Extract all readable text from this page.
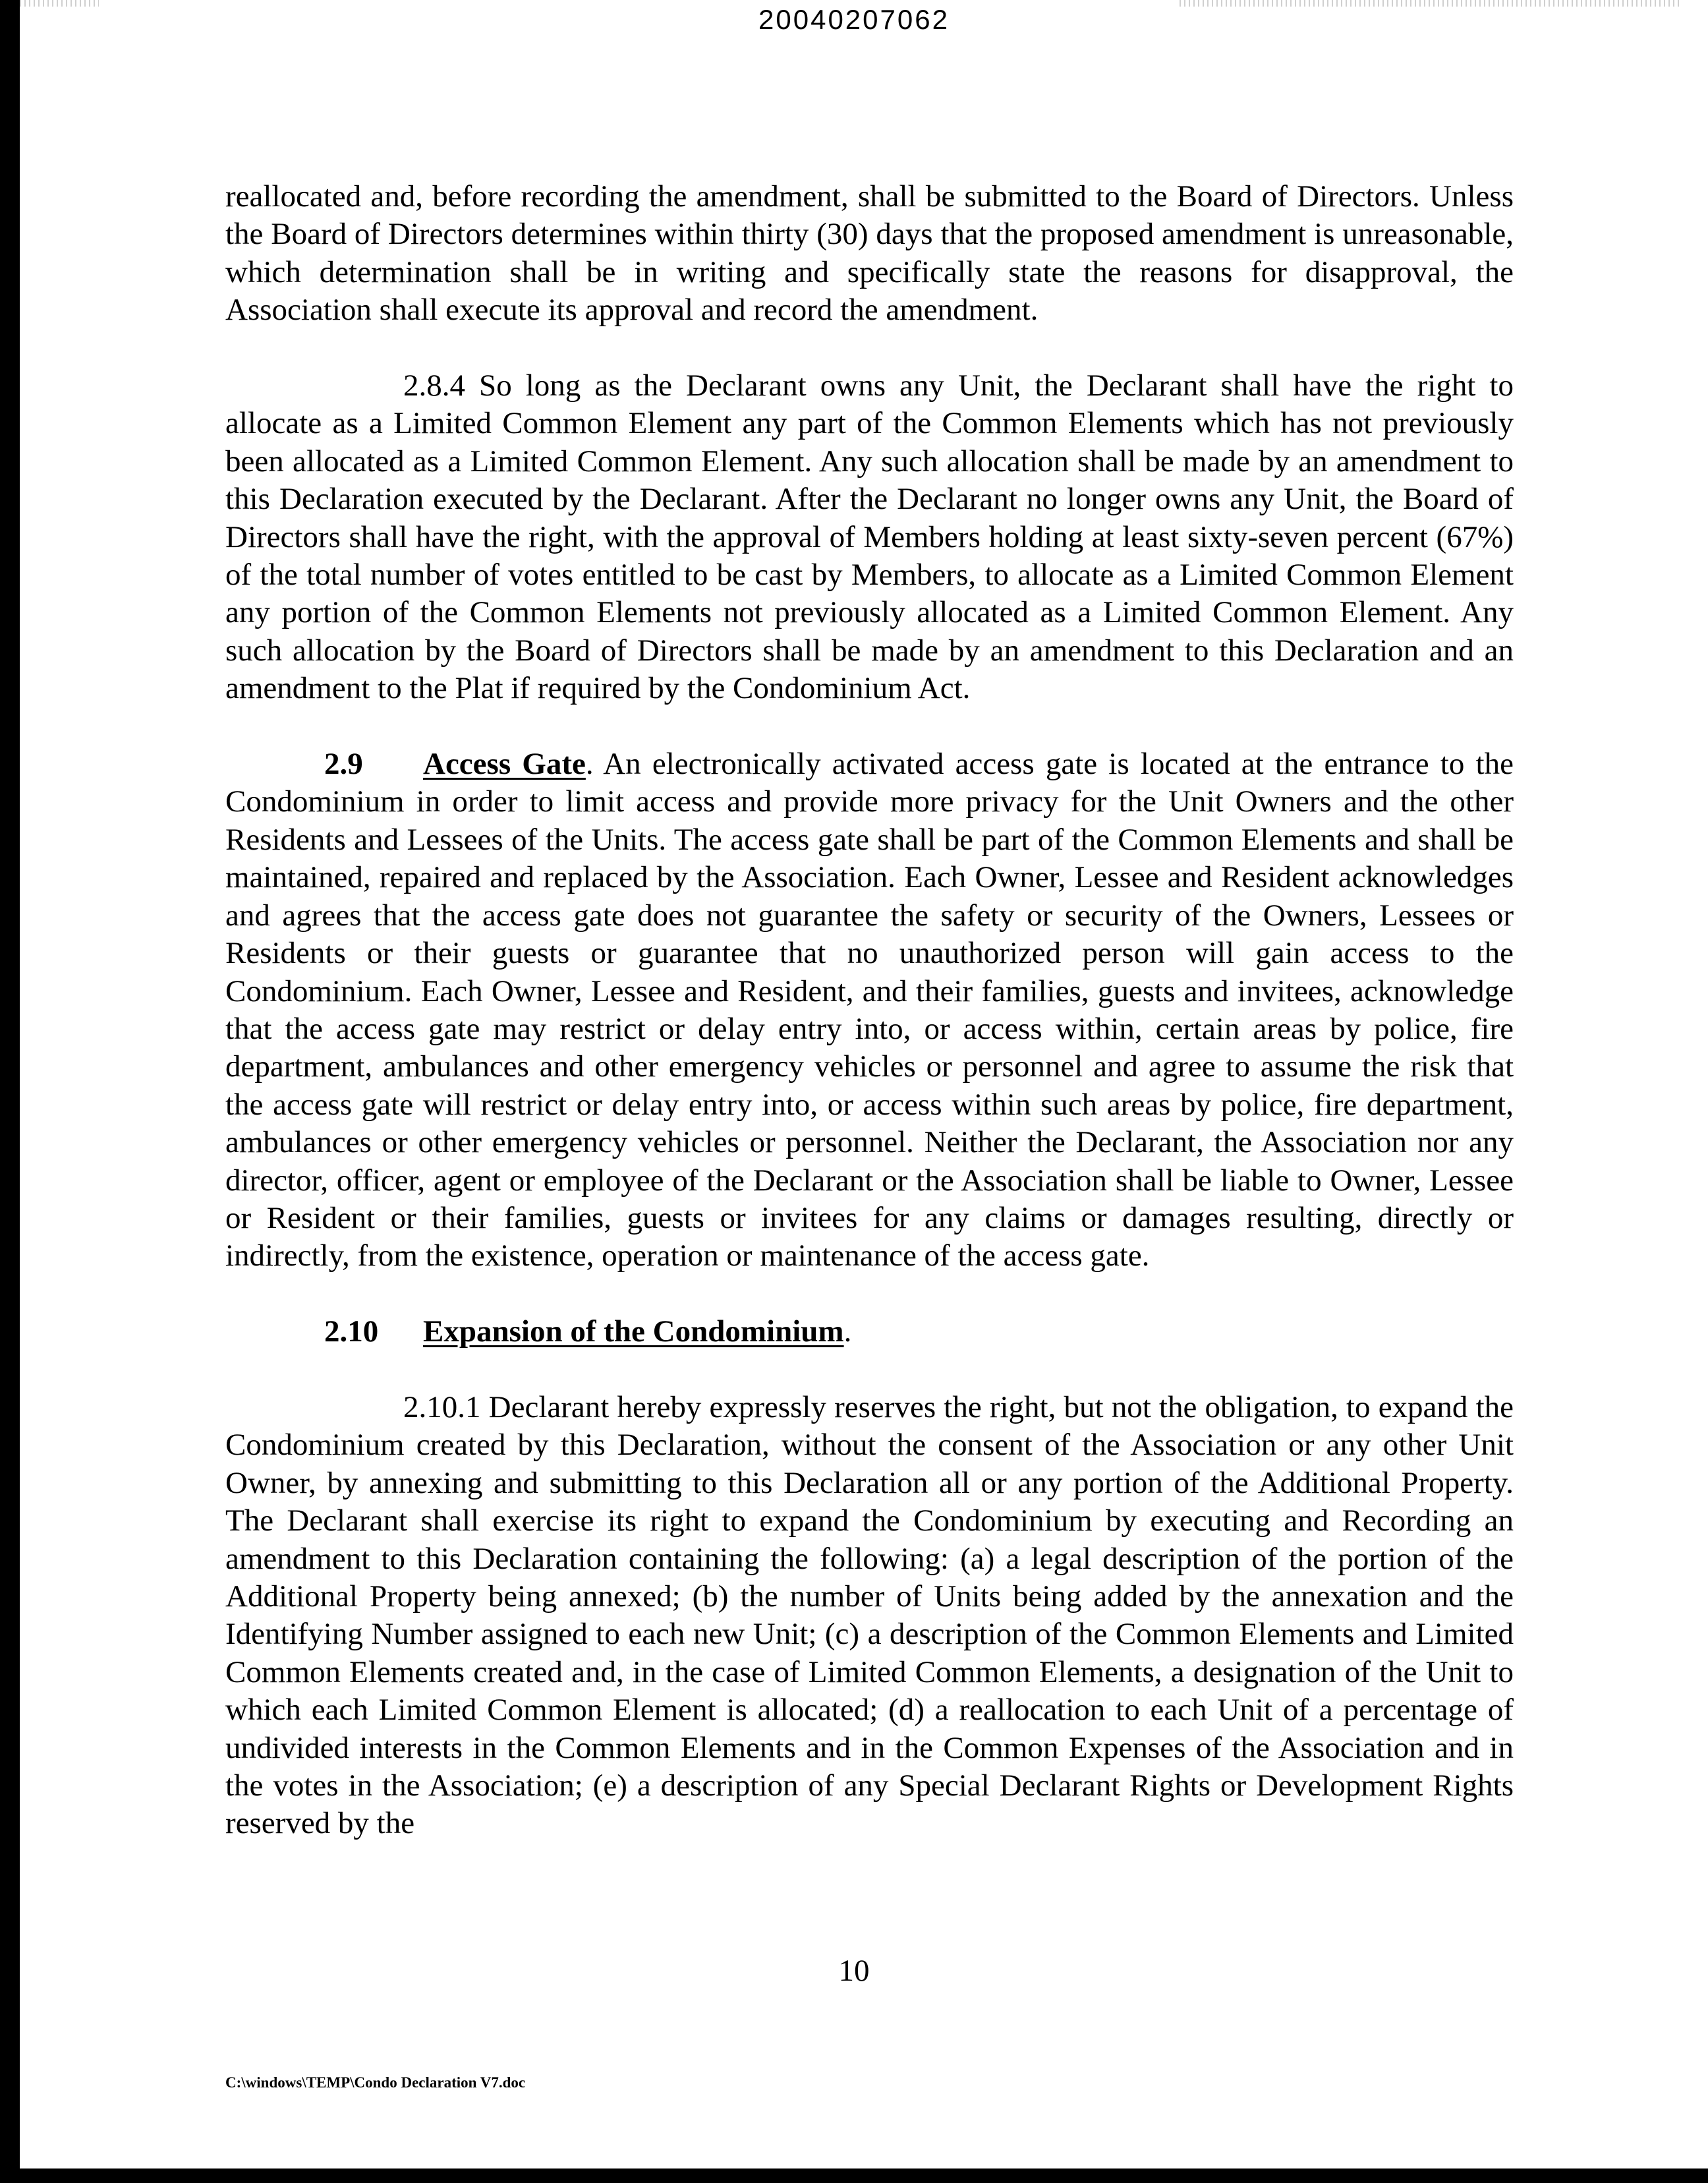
20040207062

reallocated and, before recording the amendment, shall be submitted to the Board of Directors. Unless the Board of Directors determines within thirty (30) days that the proposed amendment is unreasonable, which determination shall be in writing and specifically state the reasons for disapproval, the Association shall execute its approval and record the amendment.

2.8.4 So long as the Declarant owns any Unit, the Declarant shall have the right to allocate as a Limited Common Element any part of the Common Elements which has not previously been allocated as a Limited Common Element. Any such allocation shall be made by an amendment to this Declaration executed by the Declarant. After the Declarant no longer owns any Unit, the Board of Directors shall have the right, with the approval of Members holding at least sixty-seven percent (67%) of the total number of votes entitled to be cast by Members, to allocate as a Limited Common Element any portion of the Common Elements not previously allocated as a Limited Common Element. Any such allocation by the Board of Directors shall be made by an amendment to this Declaration and an amendment to the Plat if required by the Condominium Act.

2.9 Access Gate. An electronically activated access gate is located at the entrance to the Condominium in order to limit access and provide more privacy for the Unit Owners and the other Residents and Lessees of the Units. The access gate shall be part of the Common Elements and shall be maintained, repaired and replaced by the Association. Each Owner, Lessee and Resident acknowledges and agrees that the access gate does not guarantee the safety or security of the Owners, Lessees or Residents or their guests or guarantee that no unauthorized person will gain access to the Condominium. Each Owner, Lessee and Resident, and their families, guests and invitees, acknowledge that the access gate may restrict or delay entry into, or access within, certain areas by police, fire department, ambulances and other emergency vehicles or personnel and agree to assume the risk that the access gate will restrict or delay entry into, or access within such areas by police, fire department, ambulances or other emergency vehicles or personnel. Neither the Declarant, the Association nor any director, officer, agent or employee of the Declarant or the Association shall be liable to Owner, Lessee or Resident or their families, guests or invitees for any claims or damages resulting, directly or indirectly, from the existence, operation or maintenance of the access gate.

2.10 Expansion of the Condominium.

2.10.1 Declarant hereby expressly reserves the right, but not the obligation, to expand the Condominium created by this Declaration, without the consent of the Association or any other Unit Owner, by annexing and submitting to this Declaration all or any portion of the Additional Property. The Declarant shall exercise its right to expand the Condominium by executing and Recording an amendment to this Declaration containing the following: (a) a legal description of the portion of the Additional Property being annexed; (b) the number of Units being added by the annexation and the Identifying Number assigned to each new Unit; (c) a description of the Common Elements and Limited Common Elements created and, in the case of Limited Common Elements, a designation of the Unit to which each Limited Common Element is allocated; (d) a reallocation to each Unit of a percentage of undivided interests in the Common Elements and in the Common Expenses of the Association and in the votes in the Association; (e) a description of any Special Declarant Rights or Development Rights reserved by the

10
C:\windows\TEMP\Condo Declaration V7.doc
